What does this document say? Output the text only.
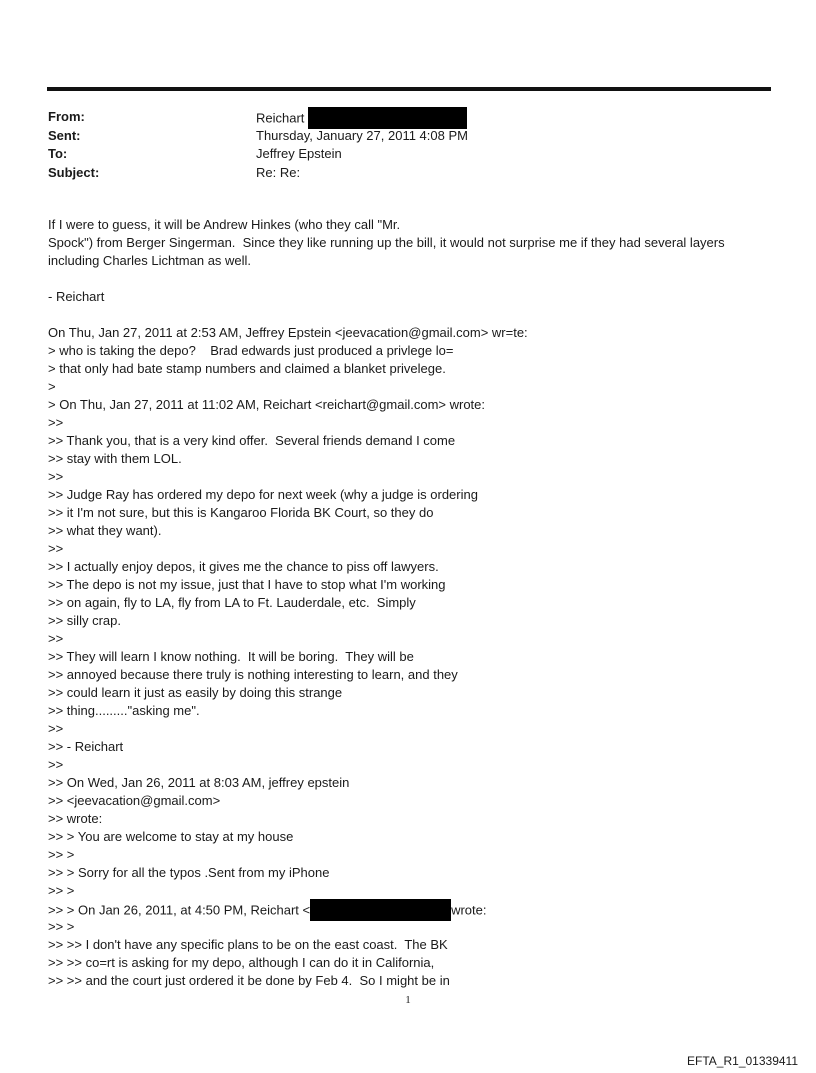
From:	Reichart
Sent:	Thursday, January 27, 2011 4:08 PM
To:	Jeffrey Epstein
Subject:	Re: Re:
If I were to guess, it will be Andrew Hinkes (who they call "Mr.
Spock") from Berger Singerman.  Since they like running up the bill, it would not surprise me if they had several layers
including Charles Lichtman as well.
- Reichart
On Thu, Jan 27, 2011 at 2:53 AM, Jeffrey Epstein <jeevacation@gmail.com> wr=te:
> who is taking the depo?    Brad edwards just produced a privlege lo=
> that only had bate stamp numbers and claimed a blanket privelege.
>
> On Thu, Jan 27, 2011 at 11:02 AM, Reichart <reichart@gmail.com> wrote:
>>
>> Thank you, that is a very kind offer.  Several friends demand I come
>> stay with them LOL.
>>
>> Judge Ray has ordered my depo for next week (why a judge is ordering
>> it I'm not sure, but this is Kangaroo Florida BK Court, so they do
>> what they want).
>>
>> I actually enjoy depos, it gives me the chance to piss off lawyers.
>> The depo is not my issue, just that I have to stop what I'm working
>> on again, fly to LA, fly from LA to Ft. Lauderdale, etc.  Simply
>> silly crap.
>>
>> They will learn I know nothing.  It will be boring.  They will be
>> annoyed because there truly is nothing interesting to learn, and they
>> could learn it just as easily by doing this strange
>> thing........."asking me".
>>
>> - Reichart
>>
>> On Wed, Jan 26, 2011 at 8:03 AM, jeffrey epstein
>> <jeevacation@gmail.com>
>> wrote:
>> > You are welcome to stay at my house
>> >
>> > Sorry for all the typos .Sent from my iPhone
>> >
>> > On Jan 26, 2011, at 4:50 PM, Reichart <	wrote:
>> >
>> >> I don't have any specific plans to be on the east coast.  The BK
>> >> co=rt is asking for my depo, although I can do it in California,
>> >> and the court just ordered it be done by Feb 4.  So I might be in
1
EFTA_R1_01339411
